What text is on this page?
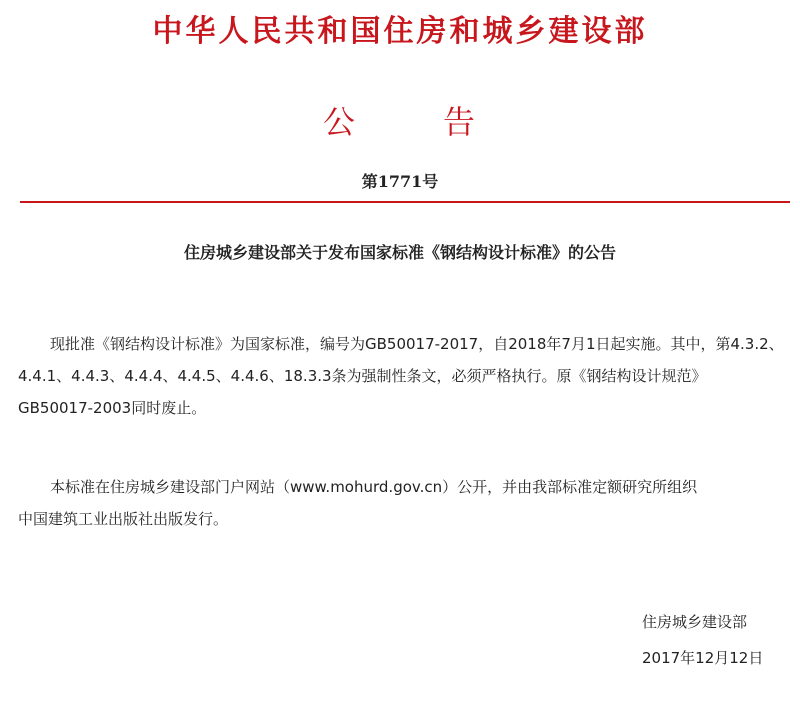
中华人民共和国住房和城乡建设部
公	告
第1771号
住房城乡建设部关于发布国家标准《钢结构设计标准》的公告
现批准《钢结构设计标准》为国家标准，编号为GB50017-2017，自2018年7月1日起实施。其中，第4.3.2、
4.4.1、4.4.3、4.4.4、4.4.5、4.4.6、18.3.3条为强制性条文，必须严格执行。原《钢结构设计规范》
GB50017-2003同时废止。
本标准在住房城乡建设部门户网站（www.mohurd.gov.cn）公开，并由我部标准定额研究所组织
中国建筑工业出版社出版发行。
住房城乡建设部
2017年12月12日
